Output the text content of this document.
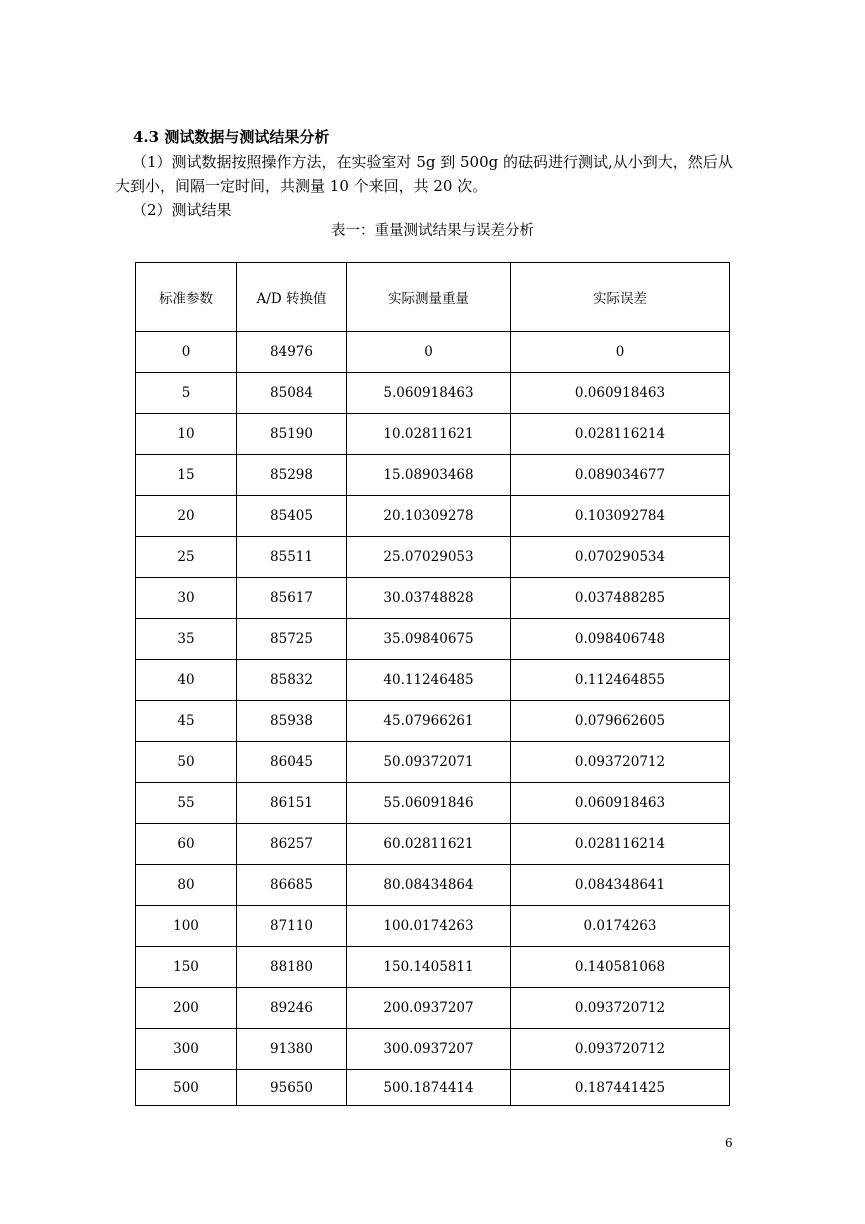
4.3 测试数据与测试结果分析
（1）测试数据按照操作方法，在实验室对 5g 到 500g 的砝码进行测试,从小到大，然后从大到小，间隔一定时间，共测量 10 个来回，共 20 次。
（2）测试结果
表一：重量测试结果与误差分析
标准参数	A/D 转换值	实际测量重量	实际误差
0	84976	0	0
5	85084	5.060918463	0.060918463
10	85190	10.02811621	0.028116214
15	85298	15.08903468	0.089034677
20	85405	20.10309278	0.103092784
25	85511	25.07029053	0.070290534
30	85617	30.03748828	0.037488285
35	85725	35.09840675	0.098406748
40	85832	40.11246485	0.112464855
45	85938	45.07966261	0.079662605
50	86045	50.09372071	0.093720712
55	86151	55.06091846	0.060918463
60	86257	60.02811621	0.028116214
80	86685	80.08434864	0.084348641
100	87110	100.0174263	0.0174263
150	88180	150.1405811	0.140581068
200	89246	200.0937207	0.093720712
300	91380	300.0937207	0.093720712
500	95650	500.1874414	0.187441425
6
